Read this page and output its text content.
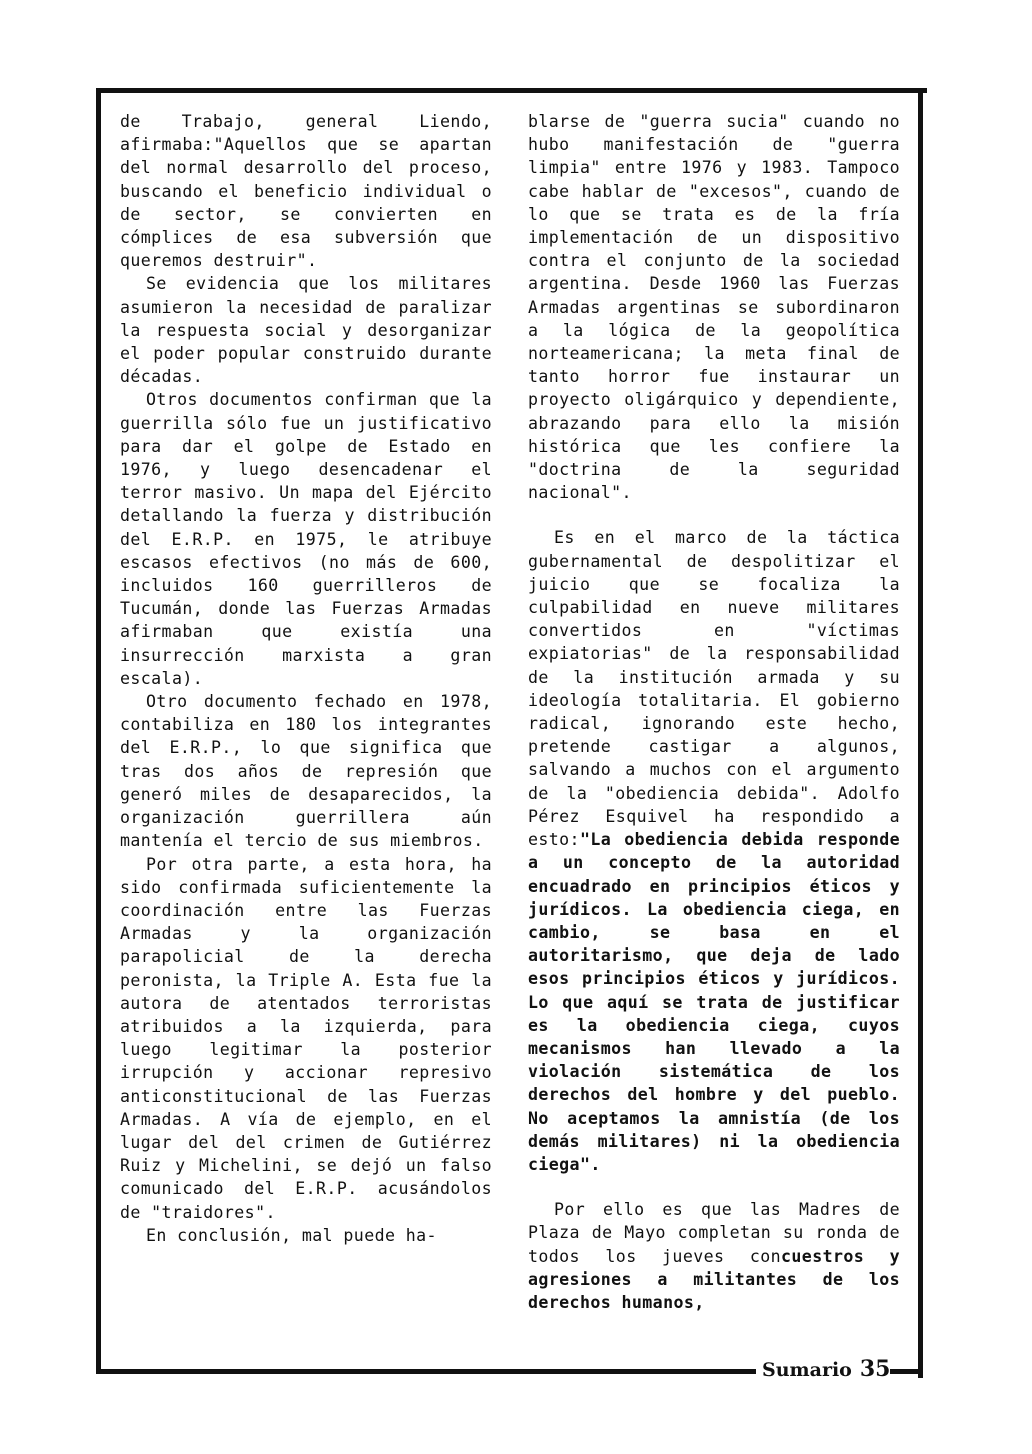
de Trabajo, general Liendo, afirmaba:"Aquellos que se apartan del normal desarrollo del proceso, buscando el beneficio individual o de sector, se convierten en cómplices de esa subversión que queremos destruir".

Se evidencia que los militares asumieron la necesidad de paralizar la respuesta social y desorganizar el poder popular construido durante décadas.

Otros documentos confirman que la guerrilla sólo fue un justificativo para dar el golpe de Estado en 1976, y luego desencadenar el terror masivo. Un mapa del Ejército detallando la fuerza y distribución del E.R.P. en 1975, le atribuye escasos efectivos (no más de 600, incluidos 160 guerrilleros de Tucumán, donde las Fuerzas Armadas afirmaban que existía una insurrección marxista a gran escala).

Otro documento fechado en 1978, contabiliza en 180 los integrantes del E.R.P., lo que significa que tras dos años de represión que generó miles de desaparecidos, la organización guerrillera aún mantenía el tercio de sus miembros.

Por otra parte, a esta hora, ha sido confirmada suficientemente la coordinación entre las Fuerzas Armadas y la organización parapolicial de la derecha peronista, la Triple A. Esta fue la autora de atentados terroristas atribuidos a la izquierda, para luego legitimar la posterior irrupción y accionar represivo anticonstitucional de las Fuerzas Armadas. A vía de ejemplo, en el lugar del del crimen de Gutiérrez Ruiz y Michelini, se dejó un falso comunicado del E.R.P. acusándolos de "traidores".

En conclusión, mal puede ha-

blarse de "guerra sucia" cuando no hubo manifestación de "guerra limpia" entre 1976 y 1983. Tampoco cabe hablar de "excesos", cuando de lo que se trata es de la fría implementación de un dispositivo contra el conjunto de la sociedad argentina. Desde 1960 las Fuerzas Armadas argentinas se subordinaron a la lógica de la geopolítica norteamericana; la meta final de tanto horror fue instaurar un proyecto oligárquico y dependiente, abrazando para ello la misión histórica que les confiere la "doctrina de la seguridad nacional".

Es en el marco de la táctica gubernamental de despolitizar el juicio que se focaliza la culpabilidad en nueve militares convertidos en "víctimas expiatorias" de la responsabilidad de la institución armada y su ideología totalitaria. El gobierno radical, ignorando este hecho, pretende castigar a algunos, salvando a muchos con el argumento de la "obediencia debida". Adolfo Pérez Esquivel ha respondido a esto:"La obediencia debida responde a un concepto de la autoridad encuadrado en principios éticos y jurídicos. La obediencia ciega, en cambio, se basa en el autoritarismo, que deja de lado esos principios éticos y jurídicos. Lo que aquí se trata de justificar es la obediencia ciega, cuyos mecanismos han llevado a la violación sistemática de los derechos del hombre y del pueblo. No aceptamos la amnistía (de los demás militares) ni la obediencia ciega".

Por ello es que las Madres de Plaza de Mayo completan su ronda de todos los jueves concuestros y agresiones a militantes de los derechos humanos,

Sumario 35
